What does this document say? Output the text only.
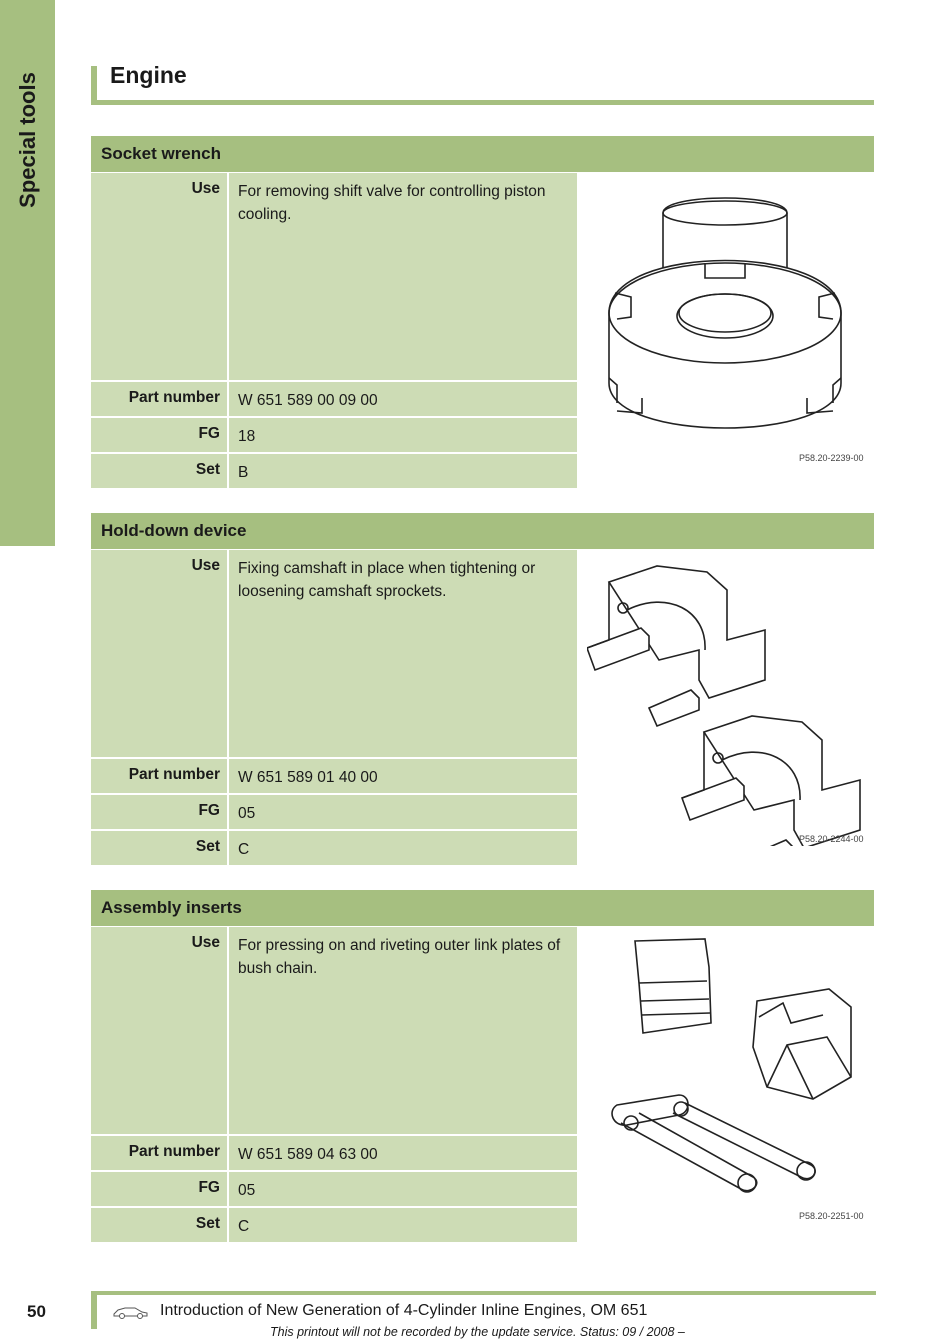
Special tools	Engine
Socket wrench
Use	For removing shift valve for controlling piston cooling.
Part number	W 651 589 00 09 00
FG	18
Set	B
P58.20-2239-00
Hold-down device
Use	Fixing camshaft in place when tightening or loosening camshaft sprockets.
Part number	W 651 589 01 40 00
FG	05
Set	C
P58.20-2244-00
Assembly inserts
Use	For pressing on and riveting outer link plates of bush chain.
Part number	W 651 589 04 63 00
FG	05
Set	C
P58.20-2251-00
50	Introduction of New Generation of 4-Cylinder Inline Engines, OM 651
This printout will not be recorded by the update service. Status: 09 / 2008 –
